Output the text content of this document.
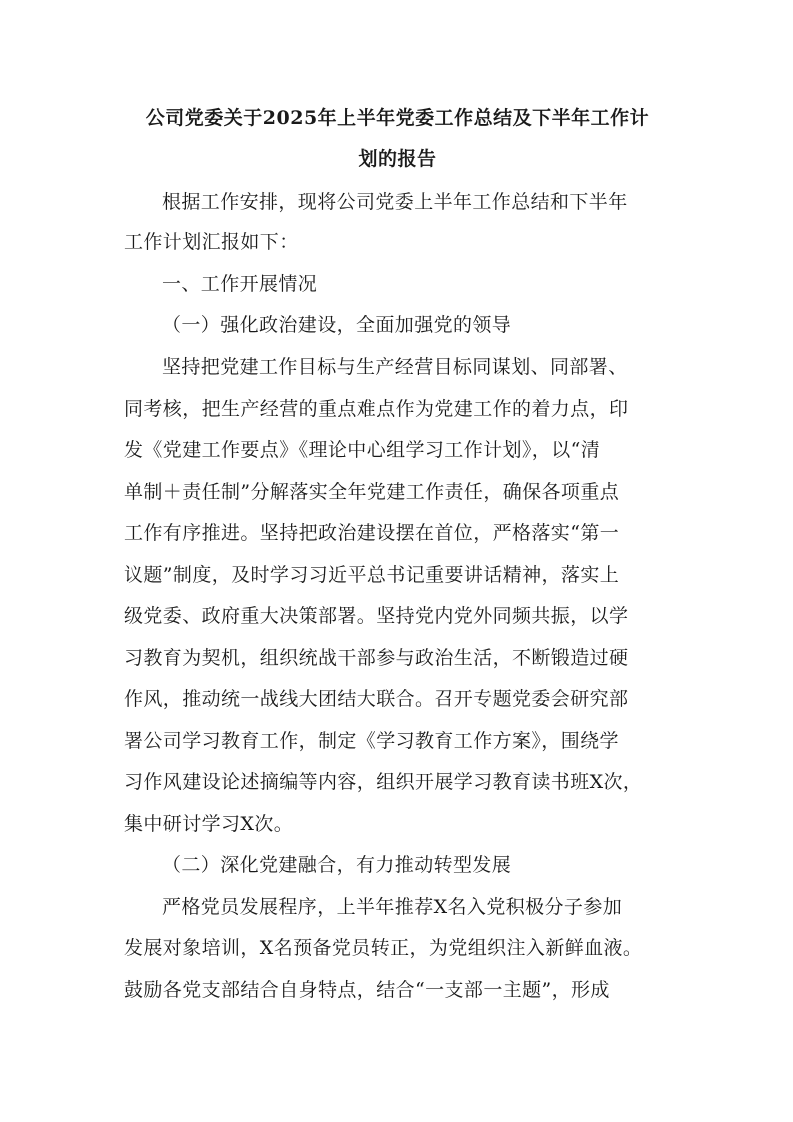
公司党委关于2025年上半年党委工作总结及下半年工作计
划的报告
根据工作安排，现将公司党委上半年工作总结和下半年
工作计划汇报如下：
一、工作开展情况
（一）强化政治建设，全面加强党的领导
坚持把党建工作目标与生产经营目标同谋划、同部署、
同考核，把生产经营的重点难点作为党建工作的着力点，印
发《党建工作要点》《理论中心组学习工作计划》，以“清
单制＋责任制”分解落实全年党建工作责任，确保各项重点
工作有序推进。坚持把政治建设摆在首位，严格落实“第一
议题”制度，及时学习习近平总书记重要讲话精神，落实上
级党委、政府重大决策部署。坚持党内党外同频共振，以学
习教育为契机，组织统战干部参与政治生活，不断锻造过硬
作风，推动统一战线大团结大联合。召开专题党委会研究部
署公司学习教育工作，制定《学习教育工作方案》，围绕学
习作风建设论述摘编等内容，组织开展学习教育读书班X次，
集中研讨学习X次。
（二）深化党建融合，有力推动转型发展
严格党员发展程序，上半年推荐X名入党积极分子参加
发展对象培训，X名预备党员转正，为党组织注入新鲜血液。
鼓励各党支部结合自身特点，结合“一支部一主题”，形成
